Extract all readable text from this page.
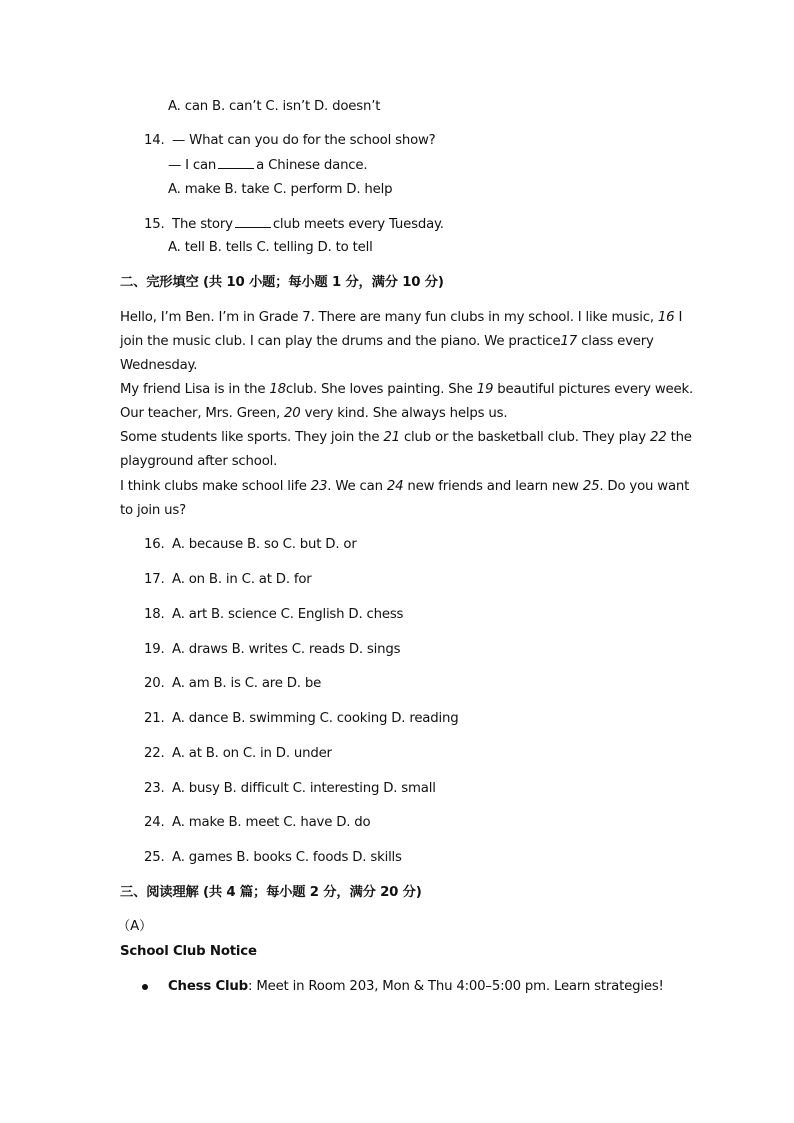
A. can B. can’t C. isn’t D. doesn’t
14. — What can you do for the school show?
— I can	a Chinese dance.
A. make B. take C. perform D. help
15. The story	club meets every Tuesday.
A. tell B. tells C. telling D. to tell
二、完形填空 (共 10 小题；每小题 1 分，满分 10 分)
Hello, I’m Ben. I’m in Grade 7. There are many fun clubs in my school. I like music, 16 I
join the music club. I can play the drums and the piano. We practice17 class every
Wednesday.
My friend Lisa is in the 18club. She loves painting. She 19 beautiful pictures every week.
Our teacher, Mrs. Green, 20 very kind. She always helps us.
Some students like sports. They join the 21 club or the basketball club. They play 22 the
playground after school.
I think clubs make school life 23. We can 24 new friends and learn new 25. Do you want
to join us?
16. A. because B. so C. but D. or
17. A. on B. in C. at D. for
18. A. art B. science C. English D. chess
19. A. draws B. writes C. reads D. sings
20. A. am B. is C. are D. be
21. A. dance B. swimming C. cooking D. reading
22. A. at B. on C. in D. under
23. A. busy B. difficult C. interesting D. small
24. A. make B. meet C. have D. do
25. A. games B. books C. foods D. skills
三、阅读理解 (共 4 篇；每小题 2 分，满分 20 分)
（A）
School Club Notice
Chess Club: Meet in Room 203, Mon & Thu 4:00–5:00 pm. Learn strategies!
